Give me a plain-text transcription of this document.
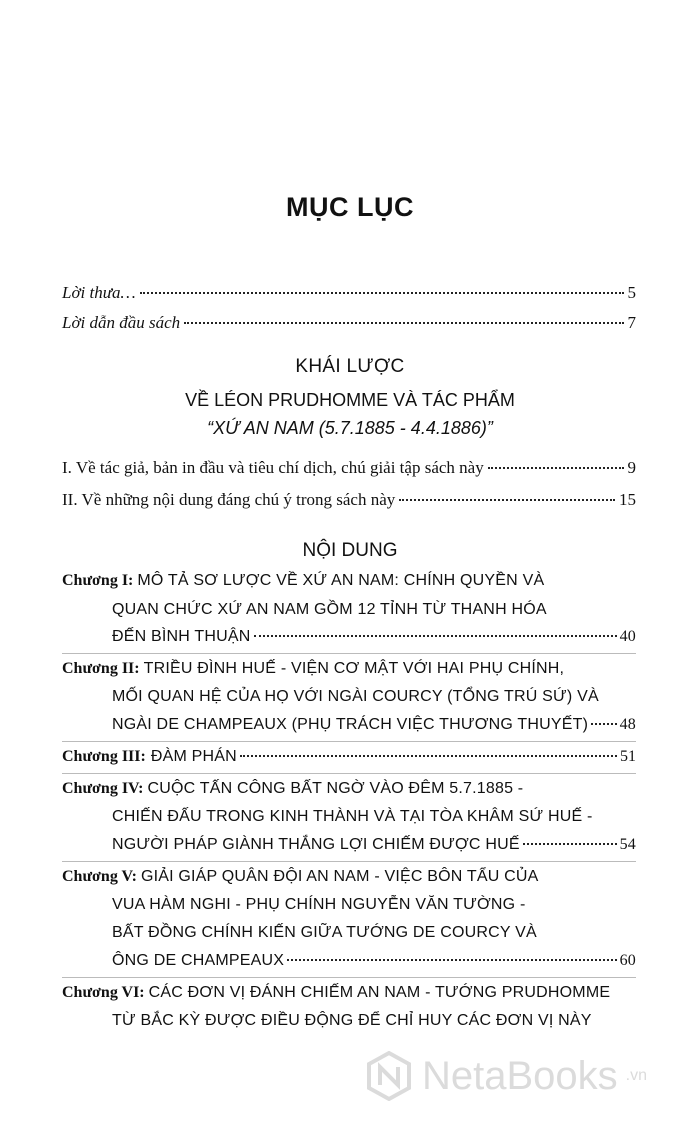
MỤC LỤC
Lời thưa…	5
Lời dẫn đầu sách	7
KHÁI LƯỢC
VỀ LÉON PRUDHOMME VÀ TÁC PHẨM
“XỨ AN NAM (5.7.1885 - 4.4.1886)”
I. Về tác giả, bản in đầu và tiêu chí dịch, chú giải tập sách này	9
II. Về những nội dung đáng chú ý trong sách này	15
NỘI DUNG
Chương I: MÔ TẢ SƠ LƯỢC VỀ XỨ AN NAM: CHÍNH QUYỀN VÀ
QUAN CHỨC XỨ AN NAM GỒM 12 TỈNH TỪ THANH HÓA
ĐẾN BÌNH THUẬN	40
Chương II: TRIỀU ĐÌNH HUẾ - VIỆN CƠ MẬT VỚI HAI PHỤ CHÍNH,
MỐI QUAN HỆ CỦA HỌ VỚI NGÀI COURCY (TỔNG TRÚ SỨ) VÀ
NGÀI DE CHAMPEAUX (PHỤ TRÁCH VIỆC THƯƠNG THUYẾT) 48
Chương III: ĐÀM PHÁN	51
Chương IV: CUỘC TẤN CÔNG BẤT NGỜ VÀO ĐÊM 5.7.1885 -
CHIẾN ĐẤU TRONG KINH THÀNH VÀ TẠI TÒA KHÂM SỨ HUẾ -
NGƯỜI PHÁP GIÀNH THẮNG LỢI CHIẾM ĐƯỢC HUẾ	54
Chương V: GIẢI GIÁP QUÂN ĐỘI AN NAM - VIỆC BÔN TẨU CỦA
VUA HÀM NGHI - PHỤ CHÍNH NGUYỄN VĂN TƯỜNG -
BẤT ĐỒNG CHÍNH KIẾN GIỮA TƯỚNG DE COURCY VÀ
ÔNG DE CHAMPEAUX	60
Chương VI: CÁC ĐƠN VỊ ĐÁNH CHIẾM AN NAM - TƯỚNG PRUDHOMME
TỪ BẮC KỲ ĐƯỢC ĐIỀU ĐỘNG ĐỂ CHỈ HUY CÁC ĐƠN VỊ NÀY
NetaBooks .vn
